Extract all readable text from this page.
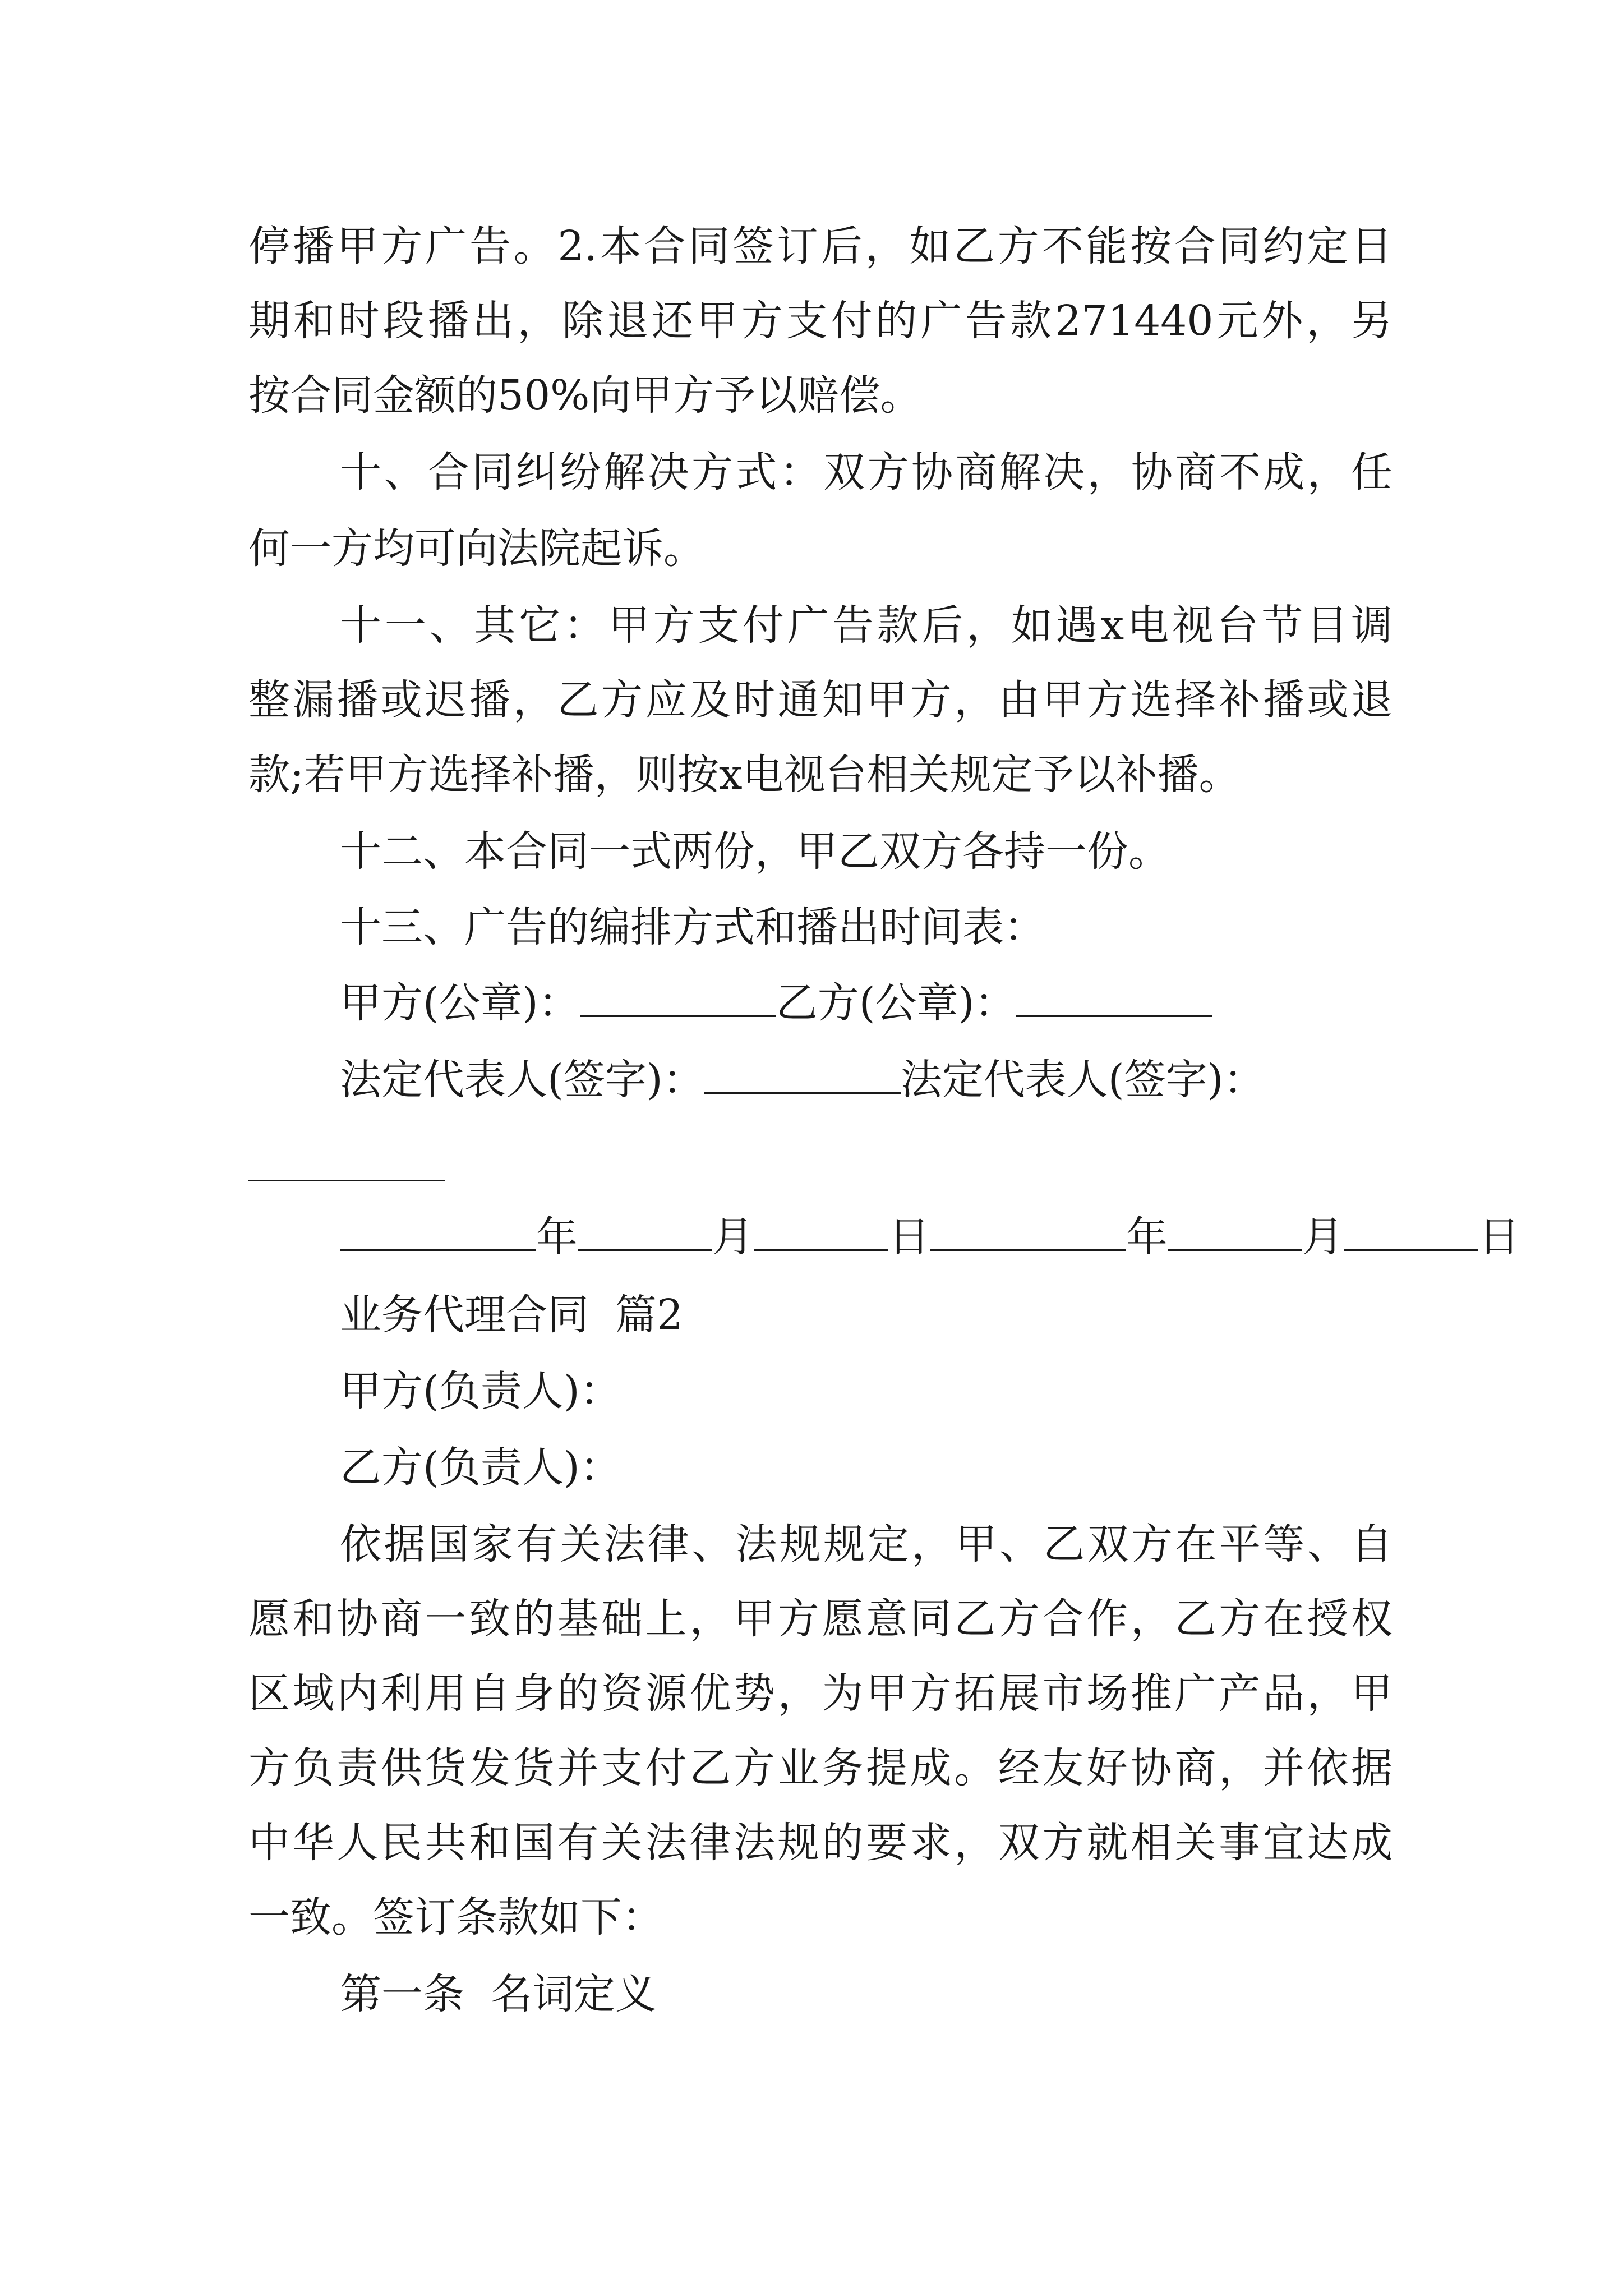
停播甲方广告。2.本合同签订后，如乙方不能按合同约定日
期和时段播出，除退还甲方支付的广告款271440元外，另
按合同金额的50%向甲方予以赔偿。
十、合同纠纷解决方式：双方协商解决，协商不成，任
何一方均可向法院起诉。
十一、其它：甲方支付广告款后，如遇x电视台节目调
整漏播或迟播，乙方应及时通知甲方，由甲方选择补播或退
款;若甲方选择补播，则按x电视台相关规定予以补播。
十二、本合同一式两份，甲乙双方各持一份。
十三、广告的编排方式和播出时间表：
甲方(公章)：	乙方(公章)：
法定代表人(签字)：	法定代表人(签字)：
年	月	日	年	月	日
业务代理合同  篇2
甲方(负责人)：
乙方(负责人)：
依据国家有关法律、法规规定，甲、乙双方在平等、自
愿和协商一致的基础上，甲方愿意同乙方合作，乙方在授权
区域内利用自身的资源优势，为甲方拓展市场推广产品，甲
方负责供货发货并支付乙方业务提成。经友好协商，并依据
中华人民共和国有关法律法规的要求，双方就相关事宜达成
一致。签订条款如下：
第一条  名词定义
